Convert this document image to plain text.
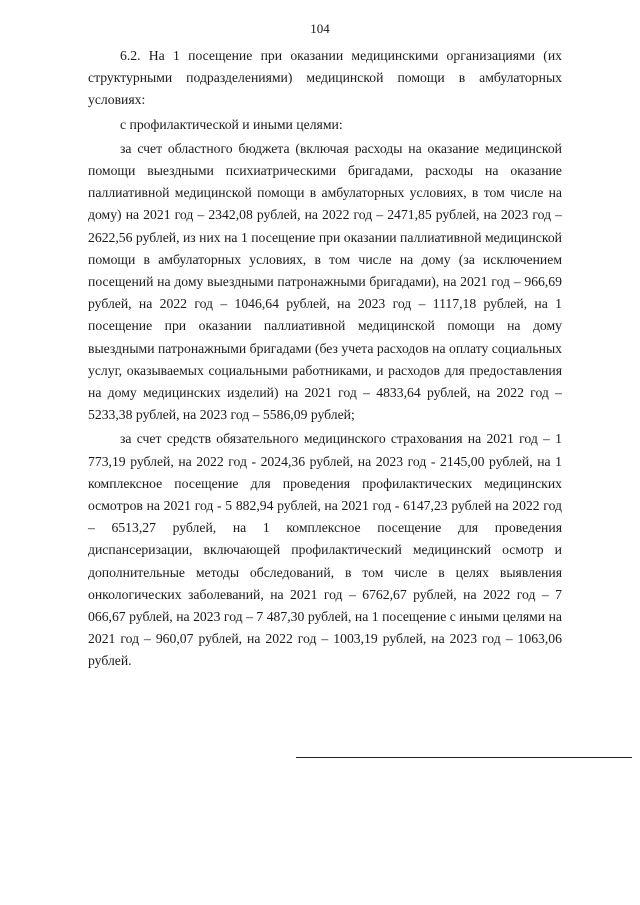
104

6.2. На 1 посещение при оказании медицинскими организациями (их структурными подразделениями) медицинской помощи в амбулаторных условиях:

с профилактической и иными целями:

за счет областного бюджета (включая расходы на оказание медицинской помощи выездными психиатрическими бригадами, расходы на оказание паллиативной медицинской помощи в амбулаторных условиях, в том числе на дому) на 2021 год – 2342,08 рублей, на 2022 год – 2471,85 рублей, на 2023 год – 2622,56 рублей, из них на 1 посещение при оказании паллиативной медицинской помощи в амбулаторных условиях, в том числе на дому (за исключением посещений на дому выездными патронажными бригадами), на 2021 год – 966,69 рублей, на 2022 год – 1046,64 рублей, на 2023 год – 1117,18 рублей, на 1 посещение при оказании паллиативной медицинской помощи на дому выездными патронажными бригадами (без учета расходов на оплату социальных услуг, оказываемых социальными работниками, и расходов для предоставления на дому медицинских изделий) на 2021 год – 4833,64 рублей, на 2022 год – 5233,38 рублей, на 2023 год – 5586,09 рублей;

за счет средств обязательного медицинского страхования на 2021 год – 1 773,19 рублей, на 2022 год - 2024,36 рублей, на 2023 год - 2145,00 рублей, на 1 комплексное посещение для проведения профилактических медицинских осмотров на 2021 год - 5 882,94 рублей, на 2021 год - 6147,23 рублей на 2022 год – 6513,27 рублей, на 1 комплексное посещение для проведения диспансеризации, включающей профилактический медицинский осмотр и дополнительные методы обследований, в том числе в целях выявления онкологических заболеваний, на 2021 год – 6762,67 рублей, на 2022 год – 7 066,67 рублей, на 2023 год – 7 487,30 рублей, на 1 посещение с иными целями на 2021 год – 960,07 рублей, на 2022 год – 1003,19 рублей, на 2023 год – 1063,06 рублей.
